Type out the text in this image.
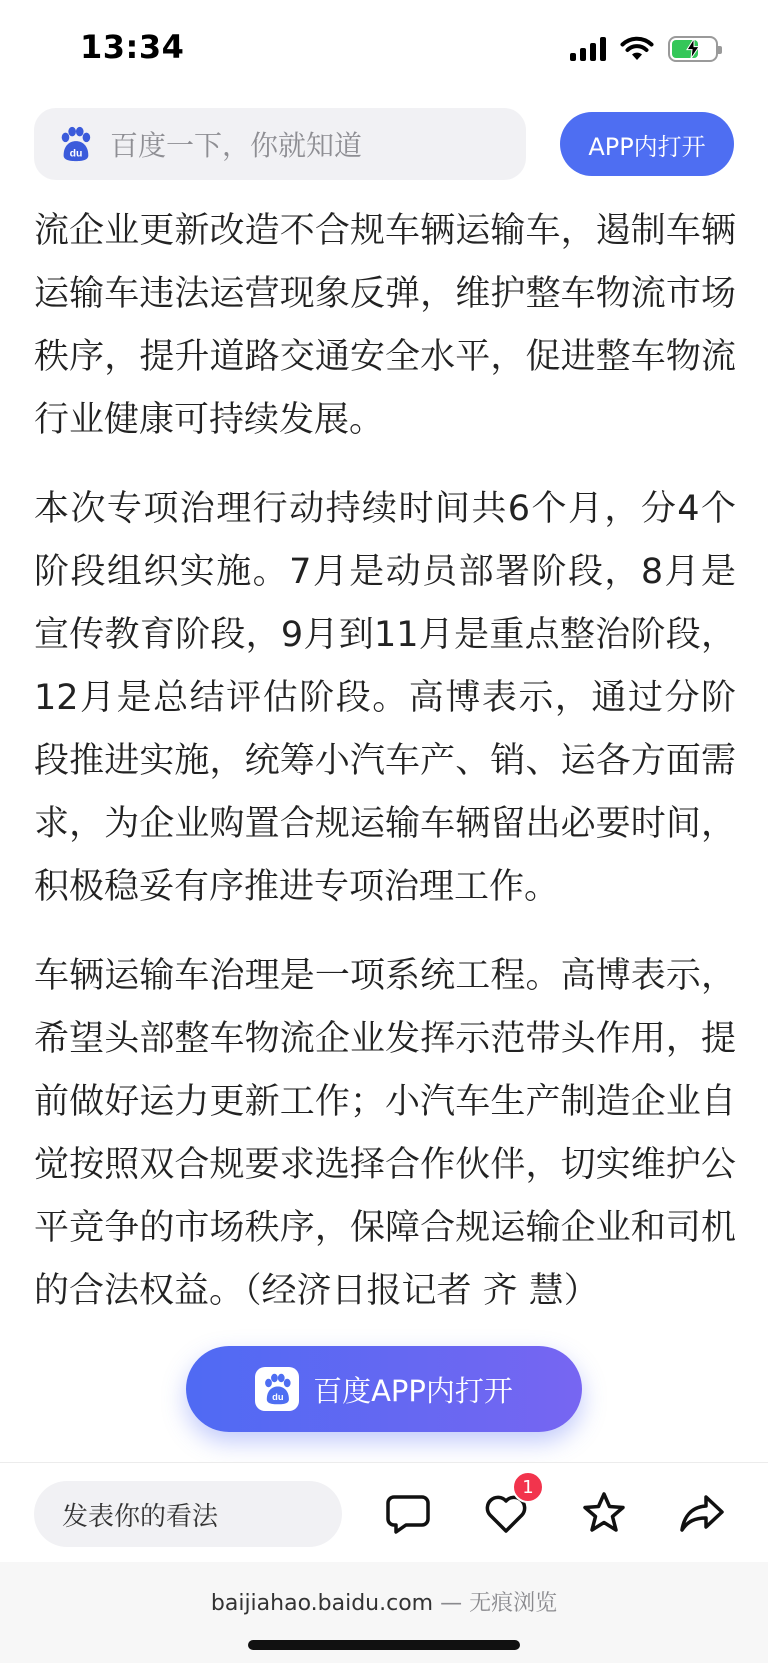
13:34
du 百度一下，你就知道	APP内打开

流企业更新改造不合规车辆运输车，遏制车辆运输车违法运营现象反弹，维护整车物流市场秩序，提升道路交通安全水平，促进整车物流行业健康可持续发展。

本次专项治理行动持续时间共6个月，分4个阶段组织实施。7月是动员部署阶段，8月是宣传教育阶段，9月到11月是重点整治阶段，12月是总结评估阶段。高博表示，通过分阶段推进实施，统筹小汽车产、销、运各方面需求，为企业购置合规运输车辆留出必要时间，积极稳妥有序推进专项治理工作。

车辆运输车治理是一项系统工程。高博表示，希望头部整车物流企业发挥示范带头作用，提前做好运力更新工作；小汽车生产制造企业自觉按照双合规要求选择合作伙伴，切实维护公平竞争的市场秩序，保障合规运输企业和司机的合法权益。（经济日报记者 齐 慧）

du 百度APP内打开
发表你的看法
1
baijiahao.baidu.com — 无痕浏览
